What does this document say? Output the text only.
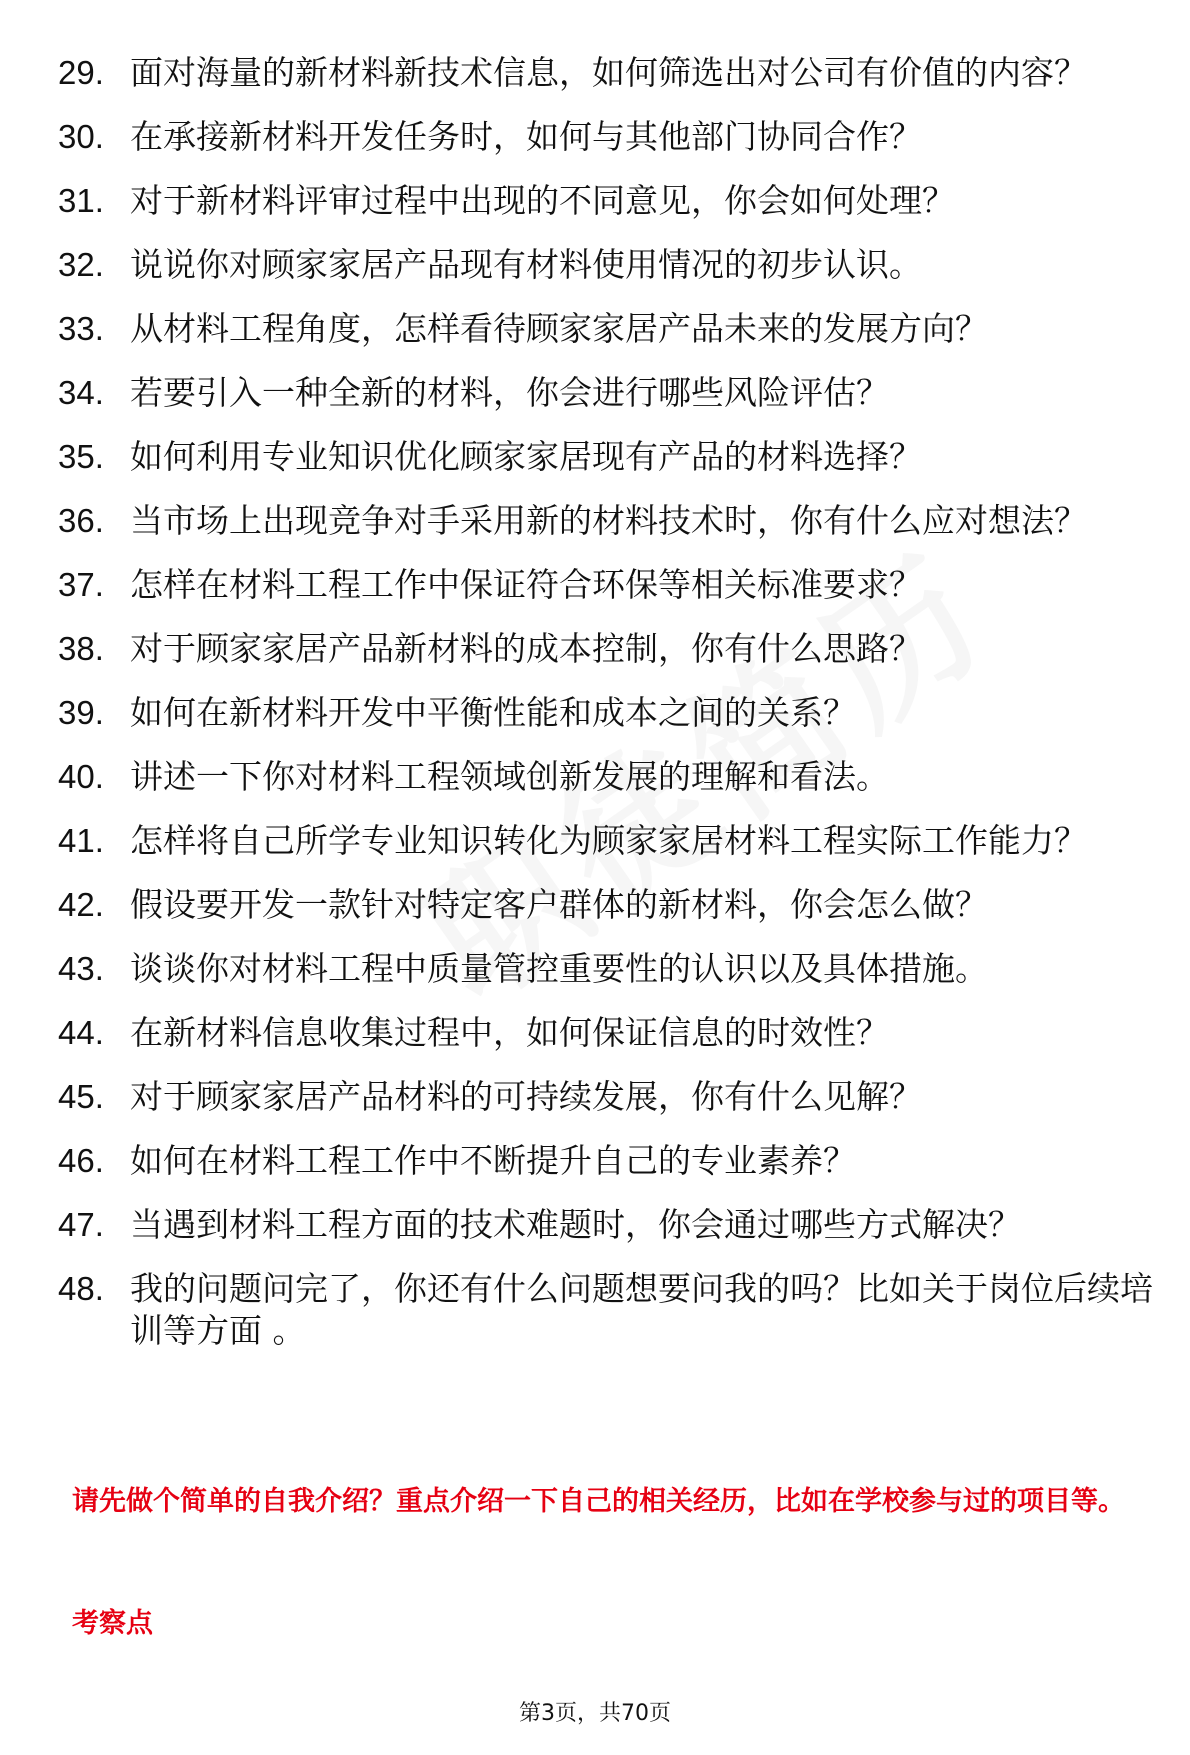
29. 面对海量的新材料新技术信息，如何筛选出对公司有价值的内容？
30. 在承接新材料开发任务时，如何与其他部门协同合作？
31. 对于新材料评审过程中出现的不同意见，你会如何处理？
32. 说说你对顾家家居产品现有材料使用情况的初步认识。
33. 从材料工程角度，怎样看待顾家家居产品未来的发展方向？
34. 若要引入一种全新的材料，你会进行哪些风险评估？
35. 如何利用专业知识优化顾家家居现有产品的材料选择？
36. 当市场上出现竞争对手采用新的材料技术时，你有什么应对想法？
37. 怎样在材料工程工作中保证符合环保等相关标准要求？
38. 对于顾家家居产品新材料的成本控制，你有什么思路？
39. 如何在新材料开发中平衡性能和成本之间的关系？
40. 讲述一下你对材料工程领域创新发展的理解和看法。
41. 怎样将自己所学专业知识转化为顾家家居材料工程实际工作能力？
42. 假设要开发一款针对特定客户群体的新材料，你会怎么做？
43. 谈谈你对材料工程中质量管控重要性的认识以及具体措施。
44. 在新材料信息收集过程中，如何保证信息的时效性？
45. 对于顾家家居产品材料的可持续发展，你有什么见解？
46. 如何在材料工程工作中不断提升自己的专业素养？
47. 当遇到材料工程方面的技术难题时，你会通过哪些方式解决？
48. 我的问题问完了，你还有什么问题想要问我的吗？比如关于岗位后续培训等方面 。
请先做个简单的自我介绍？重点介绍一下自己的相关经历，比如在学校参与过的项目等。
考察点
第3页，共70页
